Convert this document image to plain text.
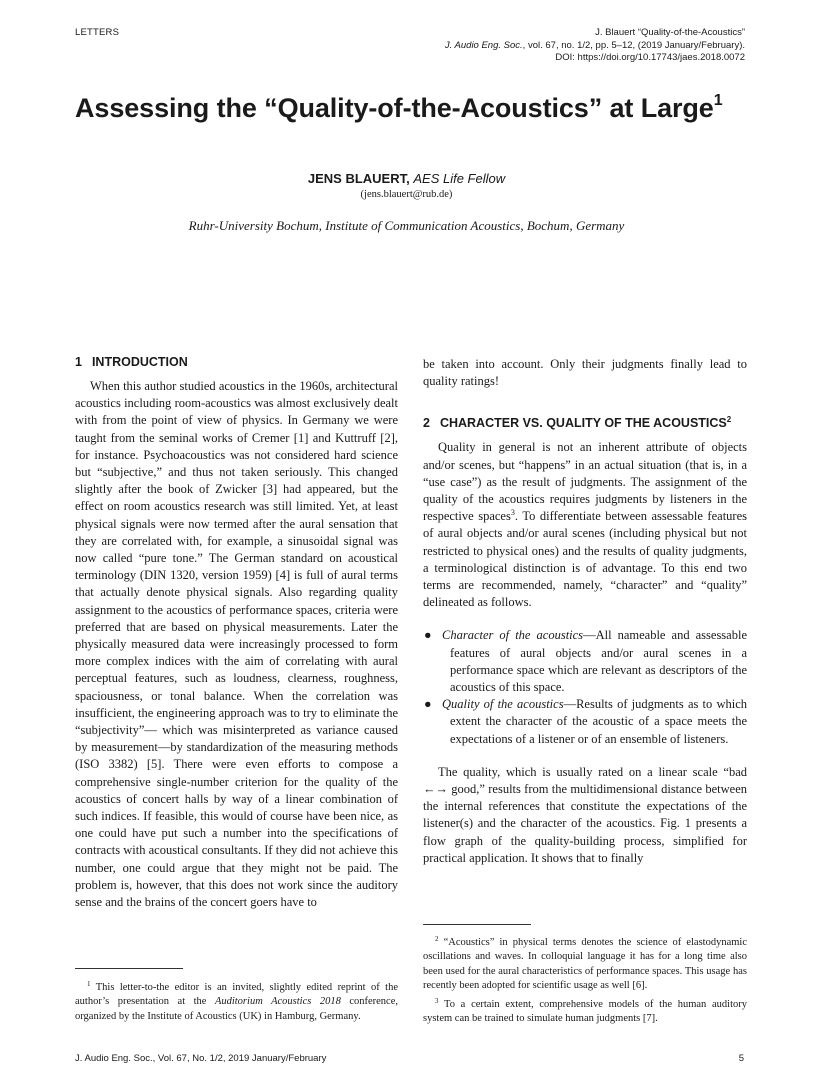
LETTERS	J. Blauert “Quality-of-the-Acoustics”
J. Audio Eng. Soc., vol. 67, no. 1/2, pp. 5–12, (2019 January/February).
DOI: https://doi.org/10.17743/jaes.2018.0072
Assessing the “Quality-of-the-Acoustics” at Large$^1$
JENS BLAUERT, AES Life Fellow
(jens.blauert@rub.de)
Ruhr-University Bochum, Institute of Communication Acoustics, Bochum, Germany
1 INTRODUCTION

When this author studied acoustics in the 1960s, architectural acoustics including room-acoustics was almost exclusively dealt with from the point of view of physics. In Germany we were taught from the seminal works of Cremer [1] and Kuttruff [2], for instance. Psychoacoustics was not considered hard science but “subjective,” and thus not taken seriously. This changed slightly after the book of Zwicker [3] had appeared, but the effect on room acoustics research was still limited. Yet, at least physical signals were now termed after the aural sensation that they are correlated with, for example, a sinusoidal signal was now called “pure tone.” The German standard on acoustical terminology (DIN 1320, version 1959) [4] is full of aural terms that actually denote physical signals. Also regarding quality assignment to the acoustics of performance spaces, criteria were preferred that are based on physical measurements. Later the physically measured data were increasingly processed to form more complex indices with the aim of correlating with aural perceptual features, such as loudness, clearness, roughness, spaciousness, or tonal balance. When the correlation was insufficient, the engineering approach was to try to eliminate the “subjectivity”— which was misinterpreted as variance caused by measurement—by standardization of the measuring methods (ISO 3382) [5]. There were even efforts to compose a comprehensive single-number criterion for the quality of the acoustics of concert halls by way of a linear combination of such indices. If feasible, this would of course have been nice, as one could have put such a number into the specifications of contracts with acoustical consultants. If they did not achieve this number, one could argue that they might not be paid. The problem is, however, that this does not work since the auditory sense and the brains of the concert goers have to

be taken into account. Only their judgments finally lead to quality ratings!

2 CHARACTER VS. QUALITY OF THE ACOUSTICS$^2$

Quality in general is not an inherent attribute of objects and/or scenes, but “happens” in an actual situation (that is, in a “use case”) as the result of judgments. The assignment of the quality of the acoustics requires judgments by listeners in the respective spaces$^3$. To differentiate between assessable features of aural objects and/or aural scenes (including physical but not restricted to physical ones) and the results of quality judgments, a terminological distinction is of advantage. To this end two terms are recommended, namely, “character” and “quality” delineated as follows.

● Character of the acoustics—All nameable and assessable features of aural objects and/or aural scenes in a performance space which are relevant as descriptors of the acoustics of this space.
● Quality of the acoustics—Results of judgments as to which extent the character of the acoustic of a space meets the expectations of a listener or of an ensemble of listeners.

The quality, which is usually rated on a linear scale “bad ←→ good,” results from the multidimensional distance between the internal references that constitute the expectations of the listener(s) and the character of the acoustics. Fig. 1 presents a flow graph of the quality-building process, simplified for practical application. It shows that to finally

$^1$ This letter-to-the editor is an invited, slightly edited reprint of the author’s presentation at the Auditorium Acoustics 2018 conference, organized by the Institute of Acoustics (UK) in Hamburg, Germany.
$^2$ “Acoustics” in physical terms denotes the science of elastodynamic oscillations and waves. In colloquial language it has for a long time also been used for the aural characteristics of performance spaces. This usage has recently been adopted for scientific usage as well [6].
$^3$ To a certain extent, comprehensive models of the human auditory system can be trained to simulate human judgments [7].
J. Audio Eng. Soc., Vol. 67, No. 1/2, 2019 January/February	5
